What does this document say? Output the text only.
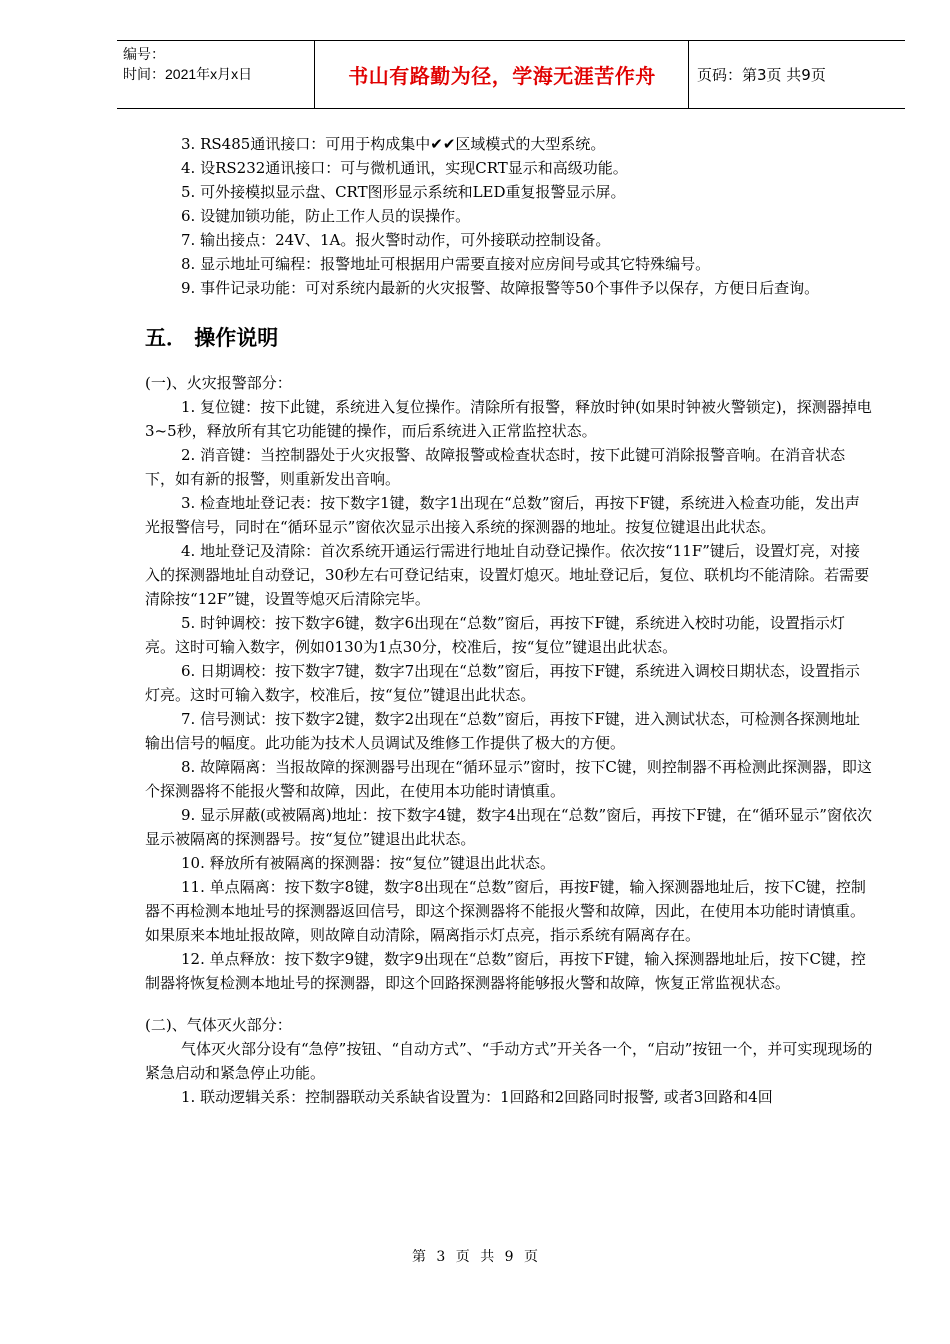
编号：
时间：2021年x月x日	书山有路勤为径，学海无涯苦作舟	页码：第3页 共9页

3. RS485通讯接口：可用于构成集中✔✔区域模式的大型系统。

4. 设RS232通讯接口：可与微机通讯，实现CRT显示和高级功能。

5. 可外接模拟显示盘、CRT图形显示系统和LED重复报警显示屏。

6. 设键加锁功能，防止工作人员的误操作。

7. 输出接点：24V、1A。报火警时动作，可外接联动控制设备。

8. 显示地址可编程：报警地址可根据用户需要直接对应房间号或其它特殊编号。

9. 事件记录功能：可对系统内最新的火灾报警、故障报警等50个事件予以保存，方便日后查询。

五． 操作说明

(一)、火灾报警部分：

1. 复位键：按下此键，系统进入复位操作。清除所有报警，释放时钟(如果时钟被火警锁定)，探测器掉电3~5秒，释放所有其它功能键的操作，而后系统进入正常监控状态。

2. 消音键：当控制器处于火灾报警、故障报警或检查状态时，按下此键可消除报警音响。在消音状态下，如有新的报警，则重新发出音响。

3. 检查地址登记表：按下数字1键，数字1出现在“总数”窗后，再按下F键，系统进入检查功能，发出声光报警信号，同时在“循环显示”窗依次显示出接入系统的探测器的地址。按复位键退出此状态。

4. 地址登记及清除：首次系统开通运行需进行地址自动登记操作。依次按“11F”键后，设置灯亮，对接入的探测器地址自动登记，30秒左右可登记结束，设置灯熄灭。地址登记后，复位、联机均不能清除。若需要清除按“12F”键，设置等熄灭后清除完毕。

5. 时钟调校：按下数字6键，数字6出现在“总数”窗后，再按下F键，系统进入校时功能，设置指示灯亮。这时可输入数字，例如0130为1点30分，校准后，按“复位”键退出此状态。

6. 日期调校：按下数字7键，数字7出现在“总数”窗后，再按下F键，系统进入调校日期状态，设置指示灯亮。这时可输入数字，校准后，按“复位”键退出此状态。

7. 信号测试：按下数字2键，数字2出现在“总数”窗后，再按下F键，进入测试状态，可检测各探测地址输出信号的幅度。此功能为技术人员调试及维修工作提供了极大的方便。

8. 故障隔离：当报故障的探测器号出现在“循环显示”窗时，按下C键，则控制器不再检测此探测器，即这个探测器将不能报火警和故障，因此，在使用本功能时请慎重。

9. 显示屏蔽(或被隔离)地址：按下数字4键，数字4出现在“总数”窗后，再按下F键，在“循环显示”窗依次显示被隔离的探测器号。按“复位”键退出此状态。

10. 释放所有被隔离的探测器：按“复位”键退出此状态。

11. 单点隔离：按下数字8键，数字8出现在“总数”窗后，再按F键，输入探测器地址后，按下C键，控制器不再检测本地址号的探测器返回信号，即这个探测器将不能报火警和故障，因此，在使用本功能时请慎重。如果原来本地址报故障，则故障自动清除，隔离指示灯点亮，指示系统有隔离存在。

12. 单点释放：按下数字9键，数字9出现在“总数”窗后，再按下F键，输入探测器地址后，按下C键，控制器将恢复检测本地址号的探测器，即这个回路探测器将能够报火警和故障，恢复正常监视状态。

(二)、气体灭火部分：

气体灭火部分设有“急停”按钮、“自动方式”、“手动方式”开关各一个，“启动”按钮一个，并可实现现场的紧急启动和紧急停止功能。

1. 联动逻辑关系：控制器联动关系缺省设置为：1回路和2回路同时报警, 或者3回路和4回

第 3 页 共 9 页
